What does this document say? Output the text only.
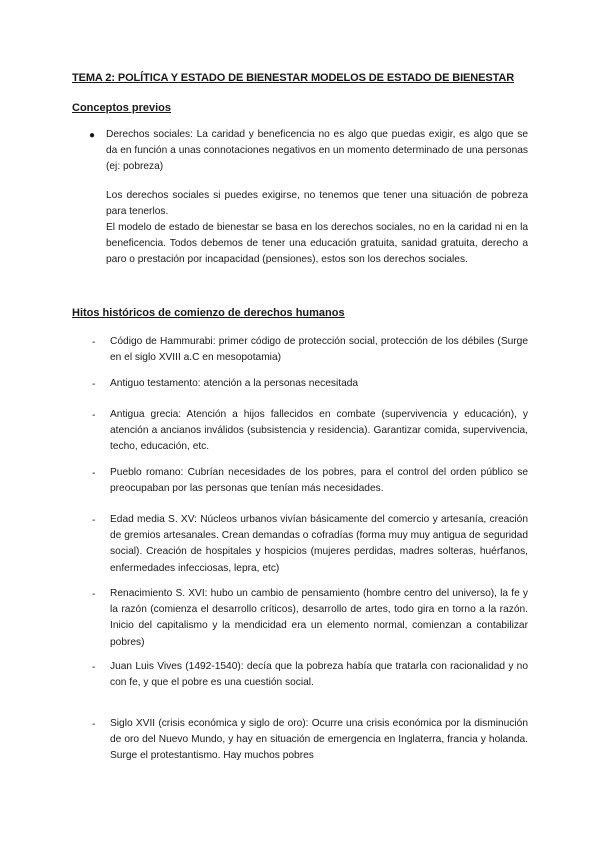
TEMA 2: POLÍTICA Y ESTADO DE BIENESTAR MODELOS DE ESTADO DE BIENESTAR
Conceptos previos
● Derechos sociales: La caridad y beneficencia no es algo que puedas exigir, es algo que se da en función a unas connotaciones negativos en un momento determinado de una personas (ej: pobreza)
Los derechos sociales si puedes exigirse, no tenemos que tener una situación de pobreza para tenerlos.
El modelo de estado de bienestar se basa en los derechos sociales, no en la caridad ni en la beneficencia. Todos debemos de tener una educación gratuita, sanidad gratuita, derecho a paro o prestación por incapacidad (pensiones), estos son los derechos sociales.
Hitos históricos de comienzo de derechos humanos
- Código de Hammurabi: primer código de protección social, protección de los débiles (Surge en el siglo XVIII a.C en mesopotamia)
- Antiguo testamento: atención a la personas necesitada
- Antigua grecia: Atención a hijos fallecidos en combate (supervivencia y educación), y atención a ancianos inválidos (subsistencia y residencia). Garantizar comida, supervivencia, techo, educación, etc.
- Pueblo romano: Cubrían necesidades de los pobres, para el control del orden público se preocupaban por las personas que tenían más necesidades.
- Edad media S. XV: Núcleos urbanos vivían básicamente del comercio y artesanía, creación de gremios artesanales. Crean demandas o cofradías (forma muy muy antigua de seguridad social). Creación de hospitales y hospicios (mujeres perdidas, madres solteras, huérfanos, enfermedades infecciosas, lepra, etc)
- Renacimiento S. XVI: hubo un cambio de pensamiento (hombre centro del universo), la fe y la razón (comienza el desarrollo críticos), desarrollo de artes, todo gira en torno a la razón. Inicio del capitalismo y la mendicidad era un elemento normal, comienzan a contabilizar pobres)
- Juan Luis Vives (1492-1540): decía que la pobreza había que tratarla con racionalidad y no con fe, y que el pobre es una cuestión social.
- Siglo XVII (crisis económica y siglo de oro): Ocurre una crisis económica por la disminución de oro del Nuevo Mundo, y hay en situación de emergencia en Inglaterra, francia y holanda. Surge el protestantismo. Hay muchos pobres
